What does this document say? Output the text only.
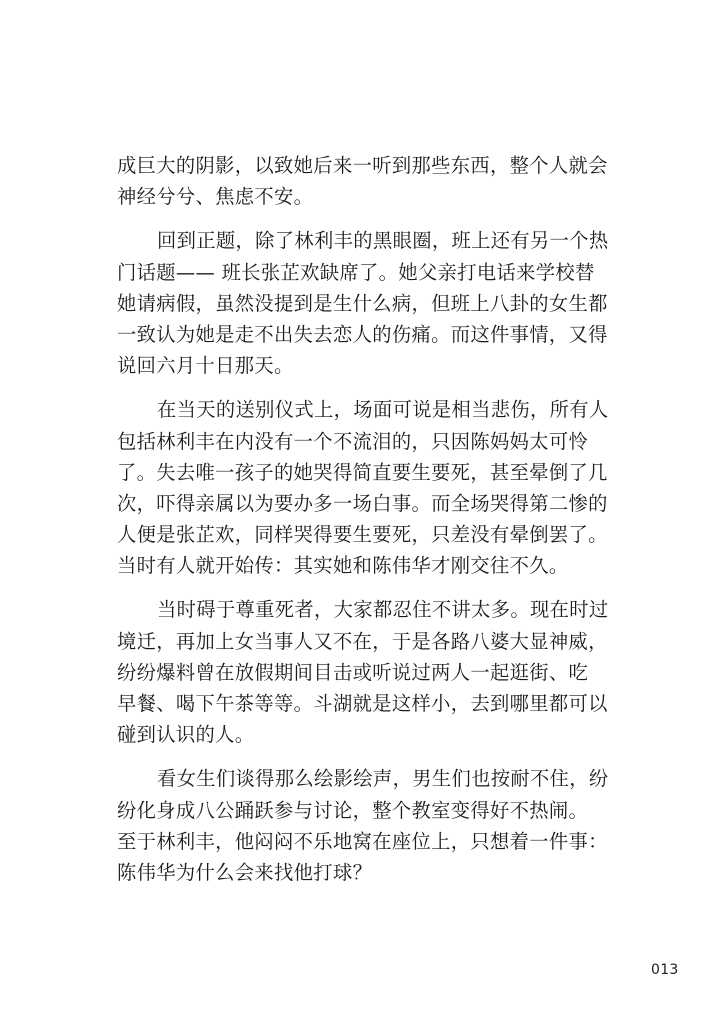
成巨大的阴影，以致她后来一听到那些东西，整个人就会
神经兮兮、焦虑不安。

回到正题，除了林利丰的黑眼圈，班上还有另一个热
门话题—— 班长张芷欢缺席了。她父亲打电话来学校替
她请病假，虽然没提到是生什么病，但班上八卦的女生都
一致认为她是走不出失去恋人的伤痛。而这件事情，又得
说回六月十日那天。

在当天的送别仪式上，场面可说是相当悲伤，所有人
包括林利丰在内没有一个不流泪的，只因陈妈妈太可怜
了。失去唯一孩子的她哭得简直要生要死，甚至晕倒了几
次，吓得亲属以为要办多一场白事。而全场哭得第二惨的
人便是张芷欢，同样哭得要生要死，只差没有晕倒罢了。
当时有人就开始传：其实她和陈伟华才刚交往不久。

当时碍于尊重死者，大家都忍住不讲太多。现在时过
境迁，再加上女当事人又不在，于是各路八婆大显神威，
纷纷爆料曾在放假期间目击或听说过两人一起逛街、吃
早餐、喝下午茶等等。斗湖就是这样小，去到哪里都可以
碰到认识的人。

看女生们谈得那么绘影绘声，男生们也按耐不住，纷
纷化身成八公踊跃参与讨论，整个教室变得好不热闹。
至于林利丰，他闷闷不乐地窝在座位上，只想着一件事：
陈伟华为什么会来找他打球？

013
